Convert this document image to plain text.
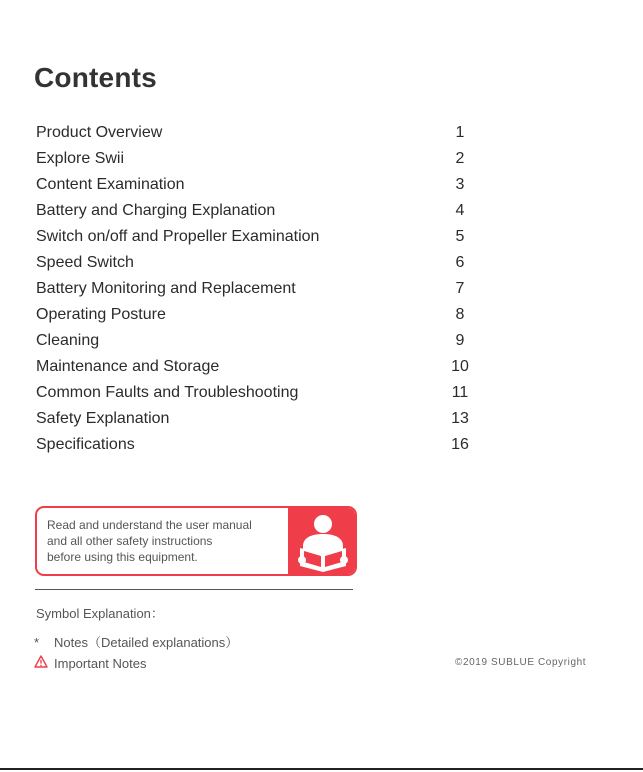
Contents
Product Overview	1
Explore Swii	2
Content Examination	3
Battery and Charging Explanation	4
Switch on/off and Propeller Examination	5
Speed Switch	6
Battery Monitoring and Replacement	7
Operating Posture	8
Cleaning	9
Maintenance and Storage	10
Common Faults and Troubleshooting	11
Safety Explanation	13
Specifications	16
Read and understand the user manual
and all other safety instructions
before using this equipment.
Symbol Explanation：
* Notes（Detailed explanations）
Important Notes	©2019 SUBLUE Copyright
